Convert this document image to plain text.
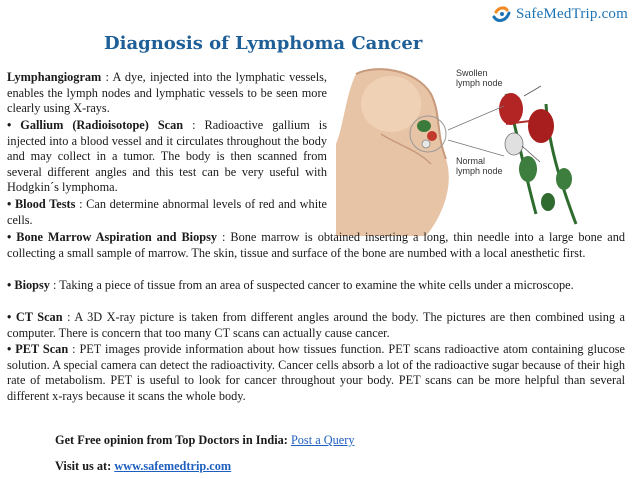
SafeMedTrip.com
Diagnosis of Lymphoma Cancer
Swollen
lymph node
Normal
lymph node
Lymphangiogram : A dye, injected into the lymphatic vessels, enables the lymph nodes and lymphatic vessels to be seen more clearly using X-rays.
• Gallium (Radioisotope) Scan : Radioactive gallium is injected into a blood vessel and it circulates throughout the body and may collect in a tumor. The body is then scanned from several different angles and this test can be very useful with Hodgkin´s lymphoma.
• Blood Tests : Can determine abnormal levels of red and white cells.
• Bone Marrow Aspiration and Biopsy : Bone marrow is obtained inserting a long, thin needle into a large bone and collecting a small sample of marrow. The skin, tissue and surface of the bone are numbed with a local anesthetic first.
• Biopsy : Taking a piece of tissue from an area of suspected cancer to examine the white cells under a microscope.
• CT Scan : A 3D X-ray picture is taken from different angles around the body. The pictures are then combined using a computer. There is concern that too many CT scans can actually cause cancer.
• PET Scan : PET images provide information about how tissues function. PET scans radioactive atom containing glucose solution. A special camera can detect the radioactivity. Cancer cells absorb a lot of the radioactive sugar because of their high rate of metabolism. PET is useful to look for cancer throughout your body. PET scans can be more helpful than several different x-rays because it scans the whole body.
Get Free opinion from Top Doctors in India: Post a Query
Visit us at: www.safemedtrip.com
